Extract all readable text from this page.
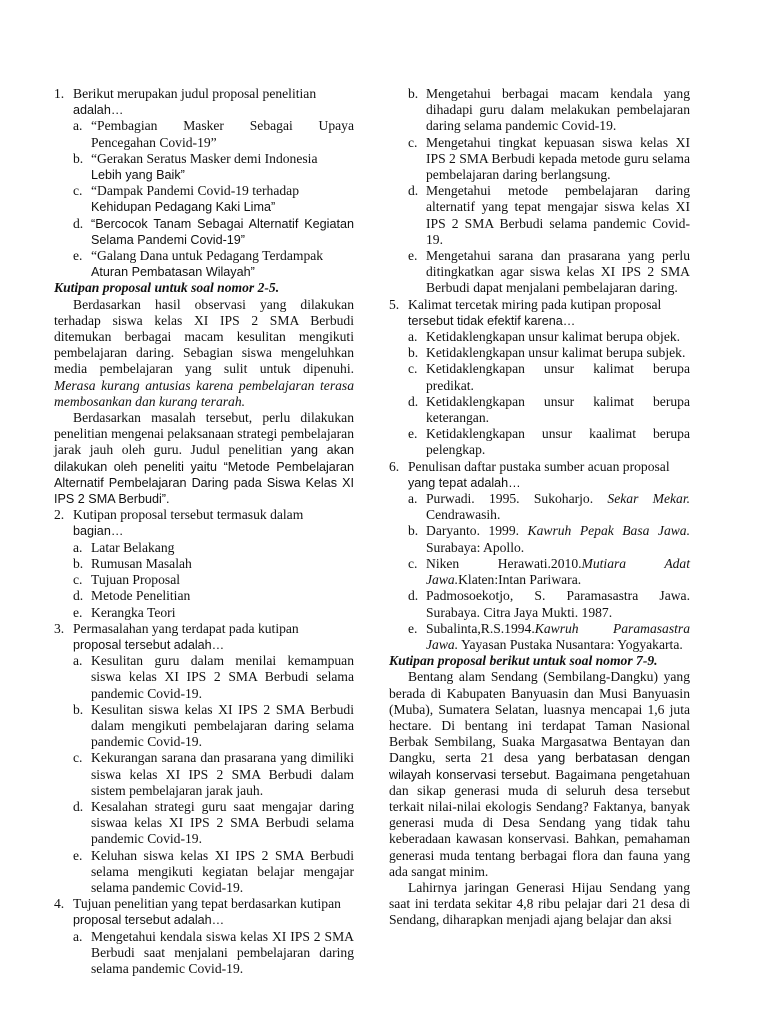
1. Berikut merupakan judul proposal penelitian
adalah…
a. “Pembagian Masker Sebagai Upaya Pencegahan Covid-19”
b. “Gerakan Seratus Masker demi Indonesia
Lebih yang Baik”
c. “Dampak Pandemi Covid-19 terhadap
Kehidupan Pedagang Kaki Lima”
d. “Bercocok Tanam Sebagai Alternatif Kegiatan Selama Pandemi Covid-19”
e. “Galang Dana untuk Pedagang Terdampak
Aturan Pembatasan Wilayah”
Kutipan proposal untuk soal nomor 2-5.
Berdasarkan hasil observasi yang dilakukan terhadap siswa kelas XI IPS 2 SMA Berbudi ditemukan berbagai macam kesulitan mengikuti pembelajaran daring. Sebagian siswa mengeluhkan media pembelajaran yang sulit untuk dipenuhi. Merasa kurang antusias karena pembelajaran terasa membosankan dan kurang terarah.
Berdasarkan masalah tersebut, perlu dilakukan penelitian mengenai pelaksanaan strategi pembelajaran jarak jauh oleh guru. Judul penelitian yang akan dilakukan oleh peneliti yaitu “Metode Pembelajaran Alternatif Pembelajaran Daring pada Siswa Kelas XI IPS 2 SMA Berbudi”.
2. Kutipan proposal tersebut termasuk dalam
bagian…
a. Latar Belakang
b. Rumusan Masalah
c. Tujuan Proposal
d. Metode Penelitian
e. Kerangka Teori
3. Permasalahan yang terdapat pada kutipan
proposal tersebut adalah…
a. Kesulitan guru dalam menilai kemampuan siswa kelas XI IPS 2 SMA Berbudi selama pandemic Covid-19.
b. Kesulitan siswa kelas XI IPS 2 SMA Berbudi dalam mengikuti pembelajaran daring selama pandemic Covid-19.
c. Kekurangan sarana dan prasarana yang dimiliki siswa kelas XI IPS 2 SMA Berbudi dalam sistem pembelajaran jarak jauh.
d. Kesalahan strategi guru saat mengajar daring siswaa kelas XI IPS 2 SMA Berbudi selama pandemic Covid-19.
e. Keluhan siswa kelas XI IPS 2 SMA Berbudi selama mengikuti kegiatan belajar mengajar selama pandemic Covid-19.
4. Tujuan penelitian yang tepat berdasarkan kutipan
proposal tersebut adalah…
a. Mengetahui kendala siswa kelas XI IPS 2 SMA Berbudi saat menjalani pembelajaran daring selama pandemic Covid-19.
b. Mengetahui berbagai macam kendala yang dihadapi guru dalam melakukan pembelajaran daring selama pandemic Covid-19.
c. Mengetahui tingkat kepuasan siswa kelas XI IPS 2 SMA Berbudi kepada metode guru selama pembelajaran daring berlangsung.
d. Mengetahui metode pembelajaran daring alternatif yang tepat mengajar siswa kelas XI IPS 2 SMA Berbudi selama pandemic Covid-19.
e. Mengetahui sarana dan prasarana yang perlu ditingkatkan agar siswa kelas XI IPS 2 SMA Berbudi dapat menjalani pembelajaran daring.
5. Kalimat tercetak miring pada kutipan proposal
tersebut tidak efektif karena…
a. Ketidaklengkapan unsur kalimat berupa objek.
b. Ketidaklengkapan unsur kalimat berupa subjek.
c. Ketidaklengkapan unsur kalimat berupa predikat.
d. Ketidaklengkapan unsur kalimat berupa keterangan.
e. Ketidaklengkapan unsur kaalimat berupa pelengkap.
6. Penulisan daftar pustaka sumber acuan proposal
yang tepat adalah…
a. Purwadi. 1995. Sukoharjo. Sekar Mekar. Cendrawasih.
b. Daryanto. 1999. Kawruh Pepak Basa Jawa. Surabaya: Apollo.
c. Niken Herawati.2010.Mutiara Adat Jawa.Klaten:Intan Pariwara.
d. Padmosoekotjo, S. Paramasastra Jawa. Surabaya. Citra Jaya Mukti. 1987.
e. Subalinta,R.S.1994.Kawruh Paramasastra Jawa. Yayasan Pustaka Nusantara: Yogyakarta.
Kutipan proposal berikut untuk soal nomor 7-9.
Bentang alam Sendang (Sembilang-Dangku) yang berada di Kabupaten Banyuasin dan Musi Banyuasin (Muba), Sumatera Selatan, luasnya mencapai 1,6 juta hectare. Di bentang ini terdapat Taman Nasional Berbak Sembilang, Suaka Margasatwa Bentayan dan Dangku, serta 21 desa yang berbatasan dengan wilayah konservasi tersebut. Bagaimana pengetahuan dan sikap generasi muda di seluruh desa tersebut terkait nilai-nilai ekologis Sendang? Faktanya, banyak generasi muda di Desa Sendang yang tidak tahu keberadaan kawasan konservasi. Bahkan, pemahaman generasi muda tentang berbagai flora dan fauna yang ada sangat minim.
Lahirnya jaringan Generasi Hijau Sendang yang saat ini terdata sekitar 4,8 ribu pelajar dari 21 desa di Sendang, diharapkan menjadi ajang belajar dan aksi
